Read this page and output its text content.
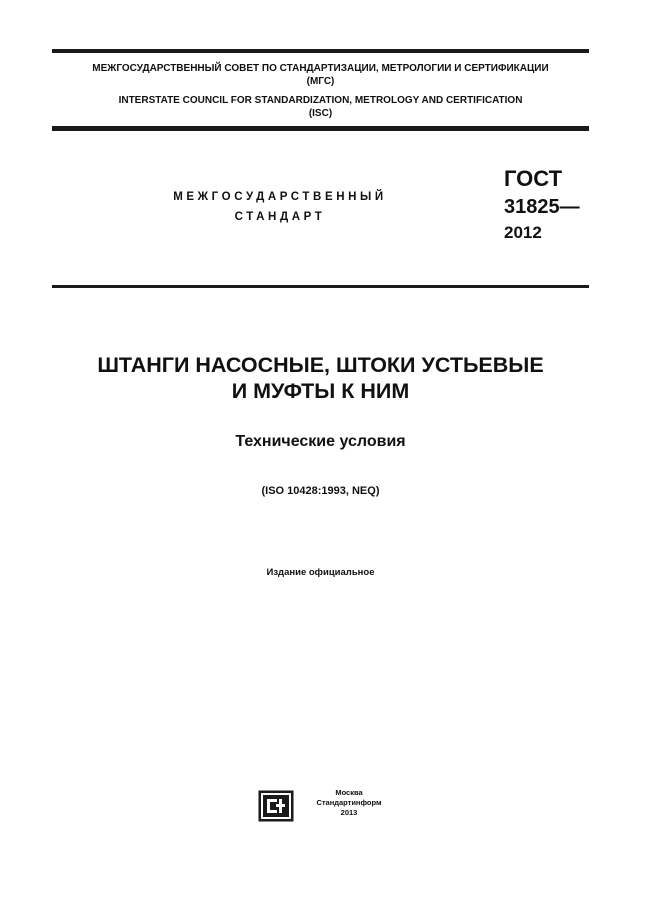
МЕЖГОСУДАРСТВЕННЫЙ СОВЕТ ПО СТАНДАРТИЗАЦИИ, МЕТРОЛОГИИ И СЕРТИФИКАЦИИ
(МГС)
INTERSTATE COUNCIL FOR STANDARDIZATION, METROLOGY AND CERTIFICATION
(ISC)
МЕЖГОСУДАРСТВЕННЫЙ
СТАНДАРТ
ГОСТ
31825—
2012
ШТАНГИ НАСОСНЫЕ, ШТОКИ УСТЬЕВЫЕ
И МУФТЫ К НИМ
Технические условия
(ISO 10428:1993, NEQ)
Издание официальное
Москва
Стандартинформ
2013
